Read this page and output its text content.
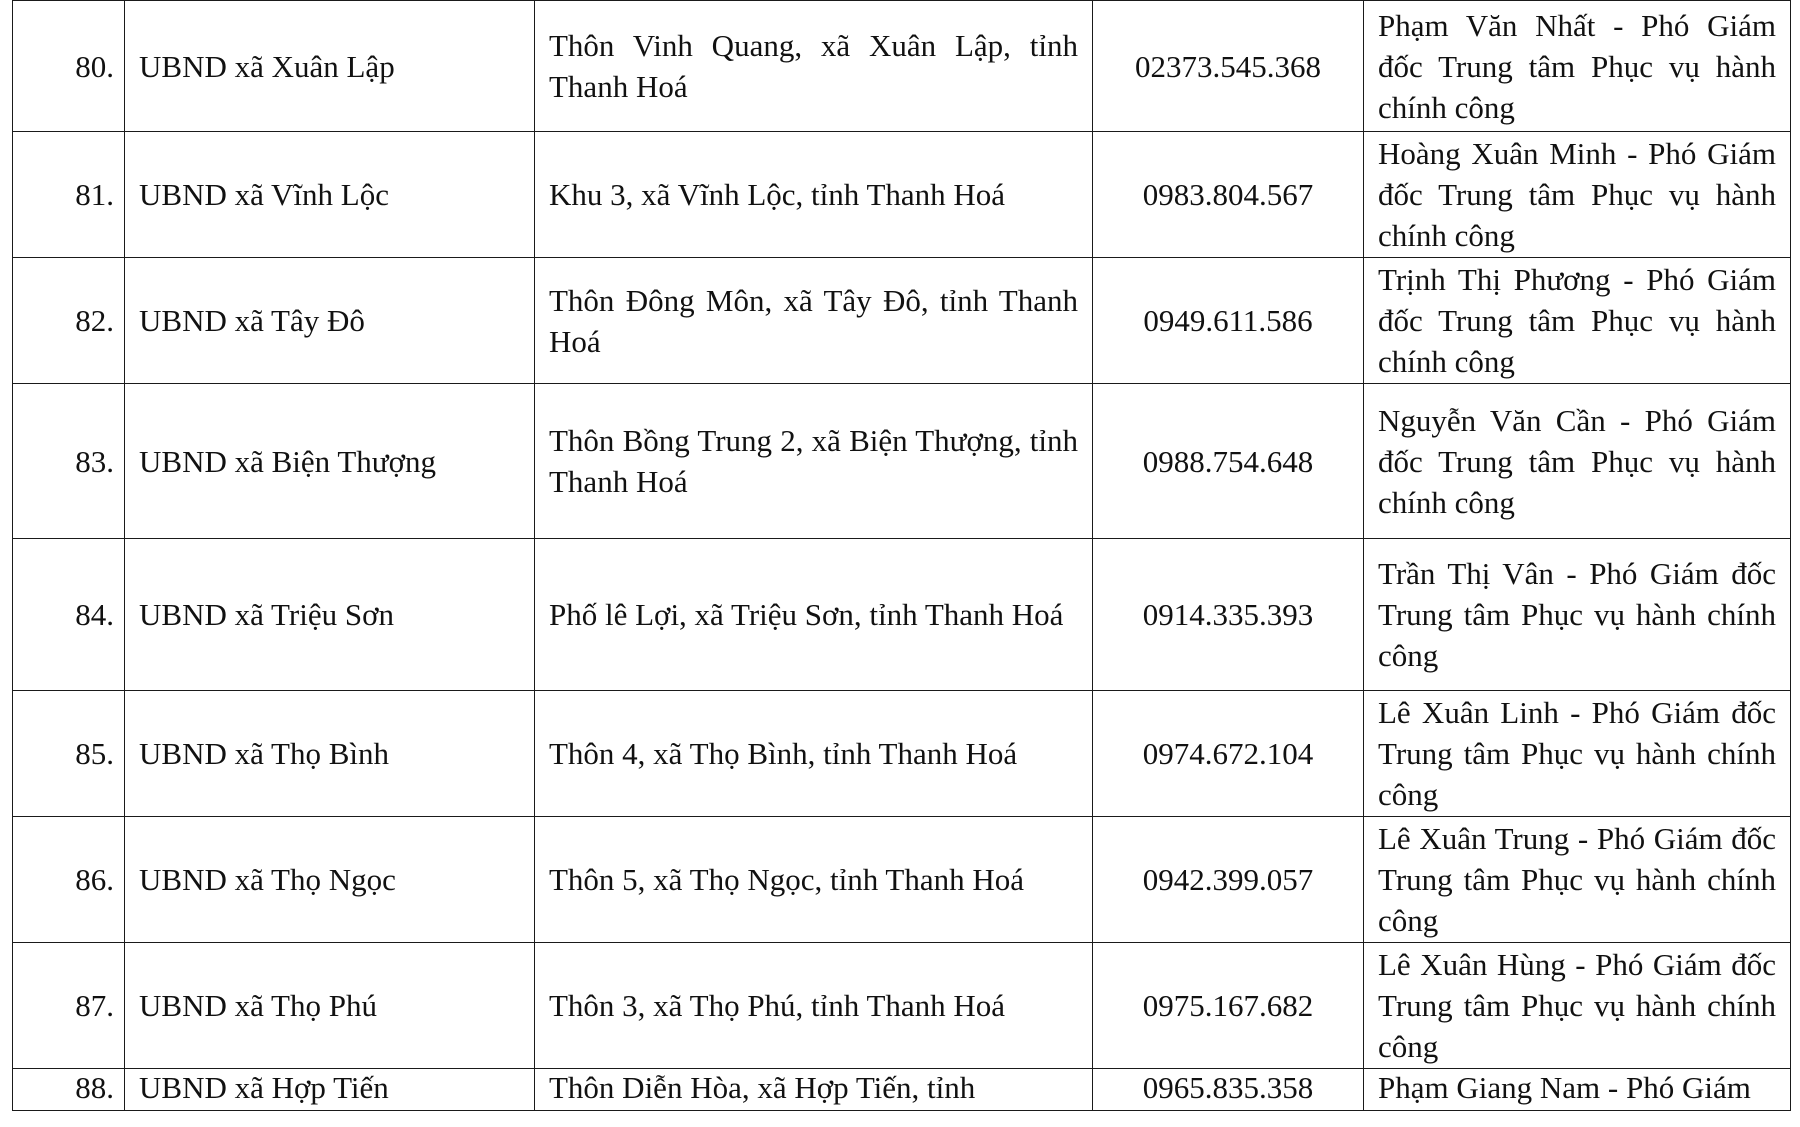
80.	UBND xã Xuân Lập	Thôn Vinh Quang, xã Xuân Lập, tỉnh Thanh Hoá	02373.545.368	Phạm Văn Nhất - Phó Giám đốc Trung tâm Phục vụ hành chính công
81.	UBND xã Vĩnh Lộc	Khu 3, xã Vĩnh Lộc, tỉnh Thanh Hoá	0983.804.567	Hoàng Xuân Minh - Phó Giám đốc Trung tâm Phục vụ hành chính công
82.	UBND xã Tây Đô	Thôn Đông Môn, xã Tây Đô, tỉnh Thanh Hoá	0949.611.586	Trịnh Thị Phương - Phó Giám đốc Trung tâm Phục vụ hành chính công
83.	UBND xã Biện Thượng	Thôn Bồng Trung 2, xã Biện Thượng, tỉnh Thanh Hoá	0988.754.648	Nguyễn Văn Cần - Phó Giám đốc Trung tâm Phục vụ hành chính công
84.	UBND xã Triệu Sơn	Phố lê Lợi, xã Triệu Sơn, tỉnh Thanh Hoá	0914.335.393	Trần Thị Vân - Phó Giám đốc Trung tâm Phục vụ hành chính công
85.	UBND xã Thọ Bình	Thôn 4, xã Thọ Bình, tỉnh Thanh Hoá	0974.672.104	Lê Xuân Linh - Phó Giám đốc Trung tâm Phục vụ hành chính công
86.	UBND xã Thọ Ngọc	Thôn 5, xã Thọ Ngọc, tỉnh Thanh Hoá	0942.399.057	Lê Xuân Trung - Phó Giám đốc Trung tâm Phục vụ hành chính công
87.	UBND xã Thọ Phú	Thôn 3, xã Thọ Phú, tỉnh Thanh Hoá	0975.167.682	Lê Xuân Hùng - Phó Giám đốc Trung tâm Phục vụ hành chính công
88.	UBND xã Hợp Tiến	Thôn Diễn Hòa, xã Hợp Tiến, tỉnh	0965.835.358	Phạm Giang Nam - Phó Giám
